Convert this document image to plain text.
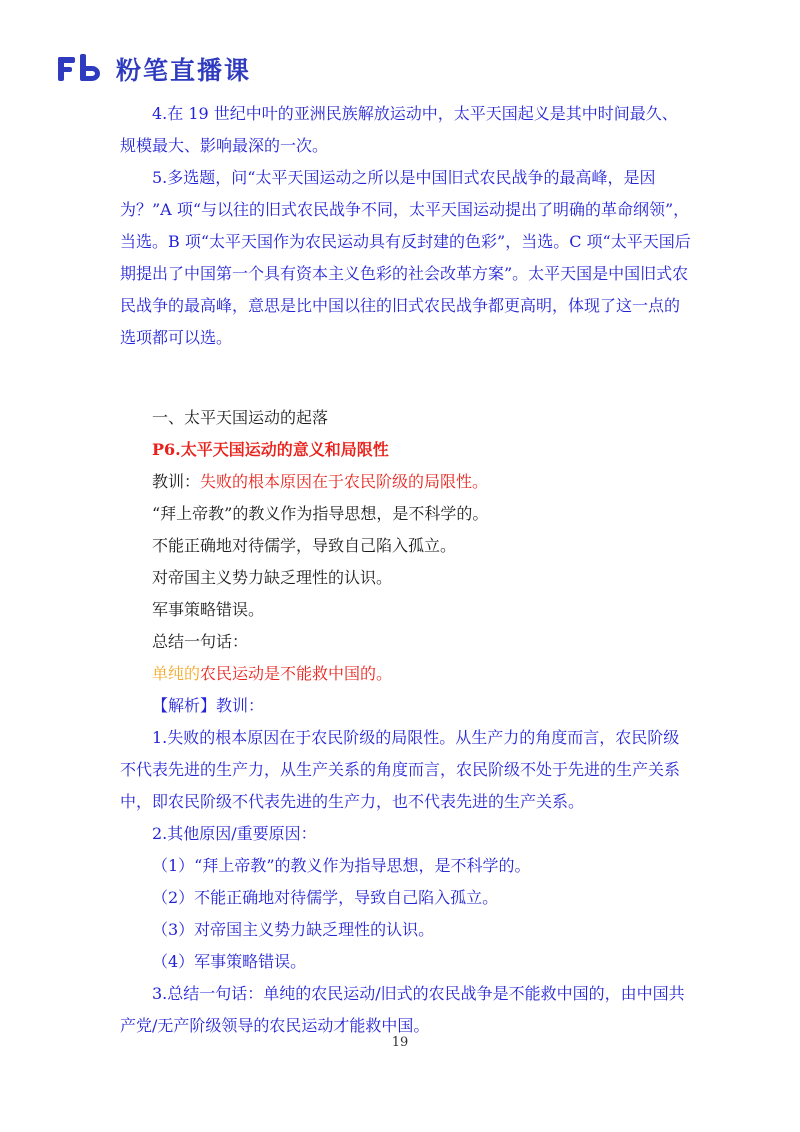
粉笔直播课

4.在 19 世纪中叶的亚洲民族解放运动中，太平天国起义是其中时间最久、规模最大、影响最深的一次。

5.多选题，问“太平天国运动之所以是中国旧式农民战争的最高峰，是因为？”A 项“与以往的旧式农民战争不同，太平天国运动提出了明确的革命纲领”，当选。B 项“太平天国作为农民运动具有反封建的色彩”，当选。C 项“太平天国后期提出了中国第一个具有资本主义色彩的社会改革方案”。太平天国是中国旧式农民战争的最高峰，意思是比中国以往的旧式农民战争都更高明，体现了这一点的选项都可以选。

一、太平天国运动的起落

P6.太平天国运动的意义和局限性

教训：失败的根本原因在于农民阶级的局限性。

“拜上帝教”的教义作为指导思想，是不科学的。

不能正确地对待儒学，导致自己陷入孤立。

对帝国主义势力缺乏理性的认识。

军事策略错误。

总结一句话：

单纯的农民运动是不能救中国的。

【解析】教训：

1.失败的根本原因在于农民阶级的局限性。从生产力的角度而言，农民阶级不代表先进的生产力，从生产关系的角度而言，农民阶级不处于先进的生产关系中，即农民阶级不代表先进的生产力，也不代表先进的生产关系。

2.其他原因/重要原因：

（1）“拜上帝教”的教义作为指导思想，是不科学的。

（2）不能正确地对待儒学，导致自己陷入孤立。

（3）对帝国主义势力缺乏理性的认识。

（4）军事策略错误。

3.总结一句话：单纯的农民运动/旧式的农民战争是不能救中国的，由中国共产党/无产阶级领导的农民运动才能救中国。

19
